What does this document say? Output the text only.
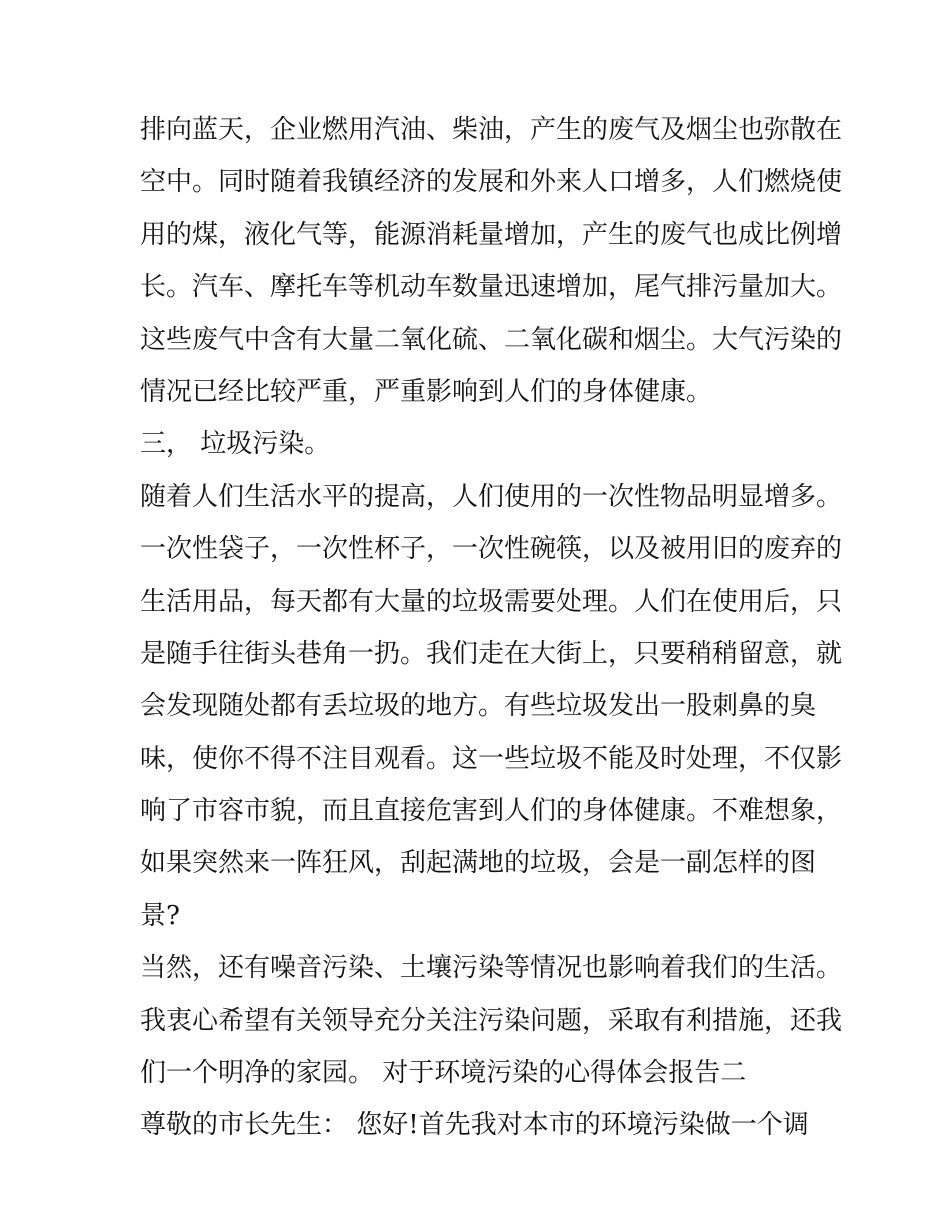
排向蓝天，企业燃用汽油、柴油，产生的废气及烟尘也弥散在
空中。同时随着我镇经济的发展和外来人口增多，人们燃烧使
用的煤，液化气等，能源消耗量增加，产生的废气也成比例增
长。汽车、摩托车等机动车数量迅速增加，尾气排污量加大。
这些废气中含有大量二氧化硫、二氧化碳和烟尘。大气污染的
情况已经比较严重，严重影响到人们的身体健康。
三， 垃圾污染。
随着人们生活水平的提高，人们使用的一次性物品明显增多。
一次性袋子，一次性杯子，一次性碗筷，以及被用旧的废弃的
生活用品，每天都有大量的垃圾需要处理。人们在使用后，只
是随手往街头巷角一扔。我们走在大街上，只要稍稍留意，就
会发现随处都有丢垃圾的地方。有些垃圾发出一股刺鼻的臭
味，使你不得不注目观看。这一些垃圾不能及时处理，不仅影
响了市容市貌，而且直接危害到人们的身体健康。不难想象，
如果突然来一阵狂风，刮起满地的垃圾，会是一副怎样的图
景?
当然，还有噪音污染、土壤污染等情况也影响着我们的生活。
我衷心希望有关领导充分关注污染问题，采取有利措施，还我
们一个明净的家园。 对于环境污染的心得体会报告二
尊敬的市长先生： 您好!首先我对本市的环境污染做一个调
